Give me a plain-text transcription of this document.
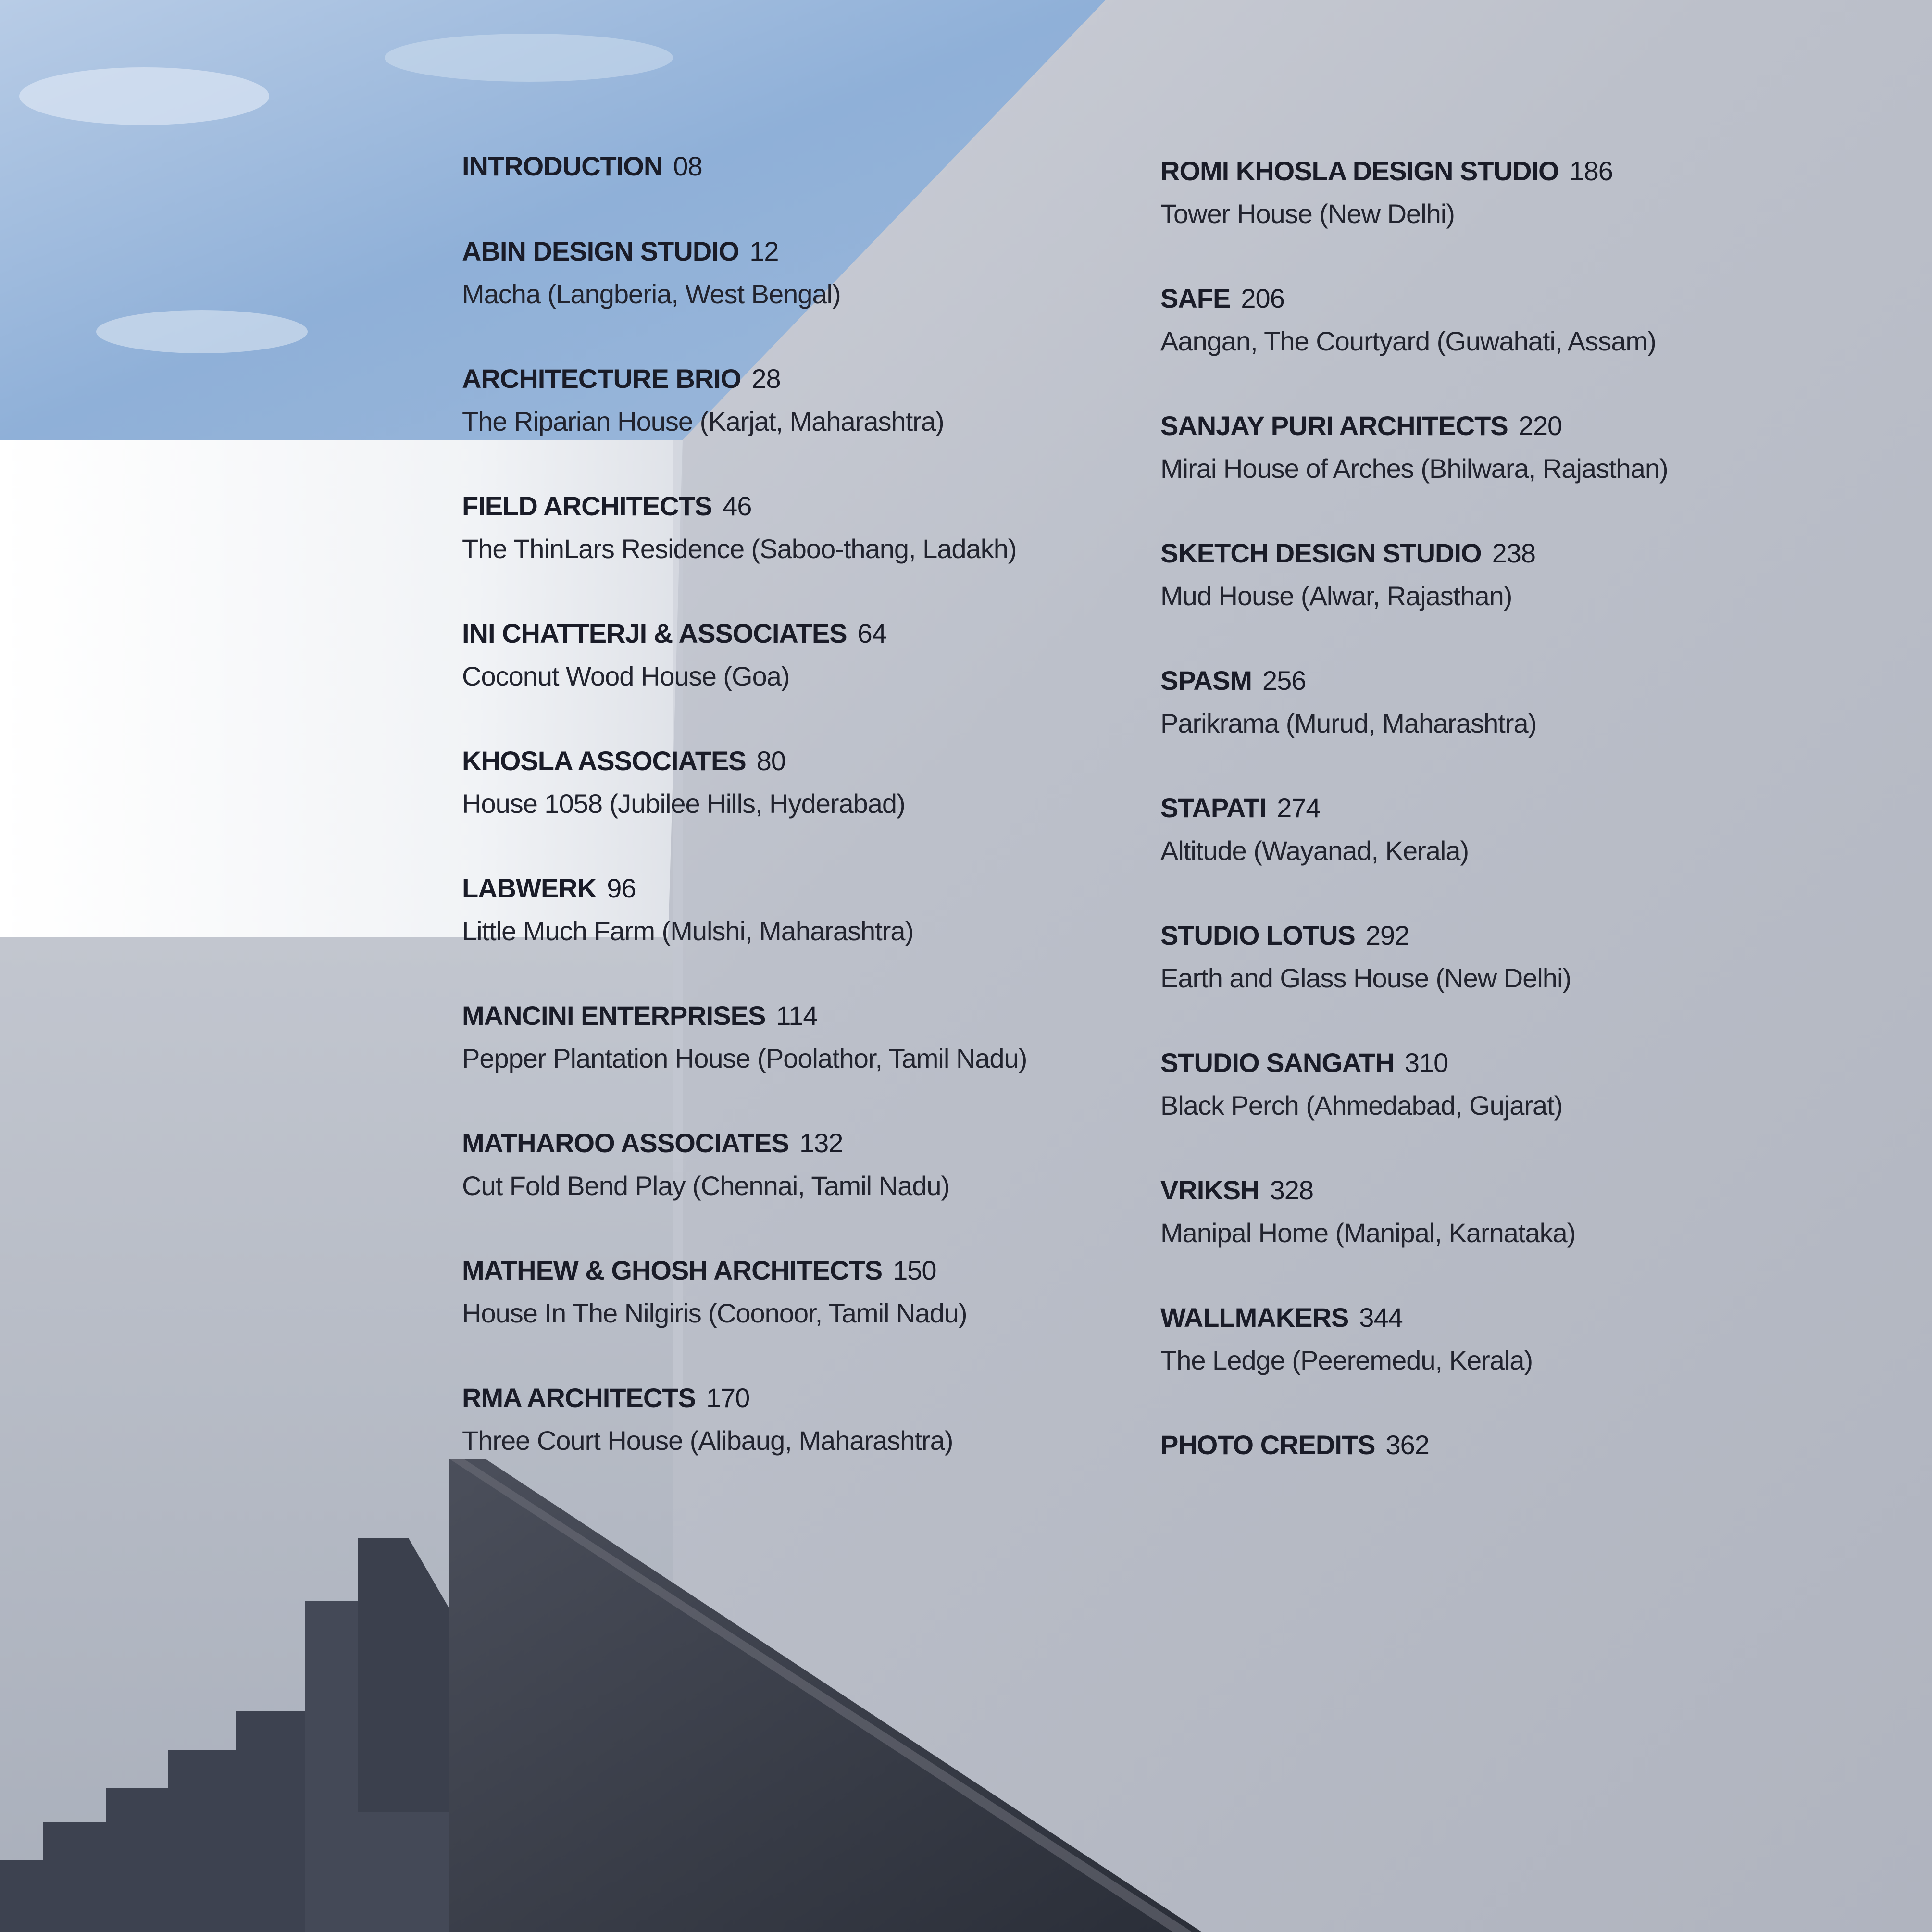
INTRODUCTION 08
ABIN DESIGN STUDIO 12
Macha (Langberia, West Bengal)
ARCHITECTURE BRIO 28
The Riparian House (Karjat, Maharashtra)
FIELD ARCHITECTS 46
The ThinLars Residence (Saboo-thang, Ladakh)
INI CHATTERJI & ASSOCIATES 64
Coconut Wood House (Goa)
KHOSLA ASSOCIATES 80
House 1058 (Jubilee Hills, Hyderabad)
LABWERK 96
Little Much Farm (Mulshi, Maharashtra)
MANCINI ENTERPRISES 114
Pepper Plantation House (Poolathor, Tamil Nadu)
MATHAROO ASSOCIATES 132
Cut Fold Bend Play (Chennai, Tamil Nadu)
MATHEW & GHOSH ARCHITECTS 150
House In The Nilgiris (Coonoor, Tamil Nadu)
RMA ARCHITECTS 170
Three Court House (Alibaug, Maharashtra)
ROMI KHOSLA DESIGN STUDIO 186
Tower House (New Delhi)
SAFE 206
Aangan, The Courtyard (Guwahati, Assam)
SANJAY PURI ARCHITECTS 220
Mirai House of Arches (Bhilwara, Rajasthan)
SKETCH DESIGN STUDIO 238
Mud House (Alwar, Rajasthan)
SPASM 256
Parikrama (Murud, Maharashtra)
STAPATI 274
Altitude (Wayanad, Kerala)
STUDIO LOTUS 292
Earth and Glass House (New Delhi)
STUDIO SANGATH 310
Black Perch (Ahmedabad, Gujarat)
VRIKSH 328
Manipal Home (Manipal, Karnataka)
WALLMAKERS 344
The Ledge (Peeremedu, Kerala)
PHOTO CREDITS 362
